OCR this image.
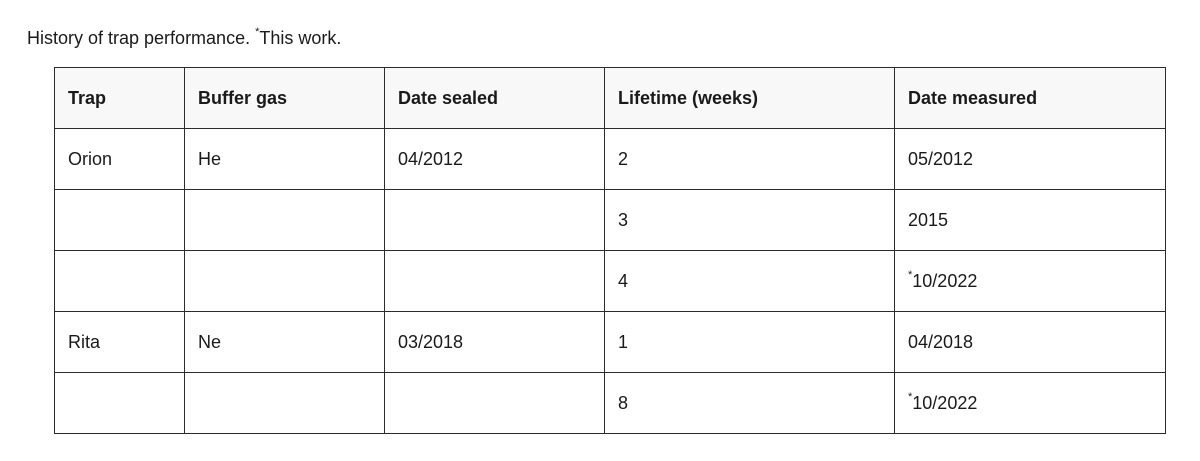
History of trap performance. *This work.
Trap	Buffer gas	Date sealed	Lifetime (weeks)	Date measured
Orion	He	04/2012	2	05/2012
			3	2015
			4	*10/2022
Rita	Ne	03/2018	1	04/2018
			8	*10/2022
